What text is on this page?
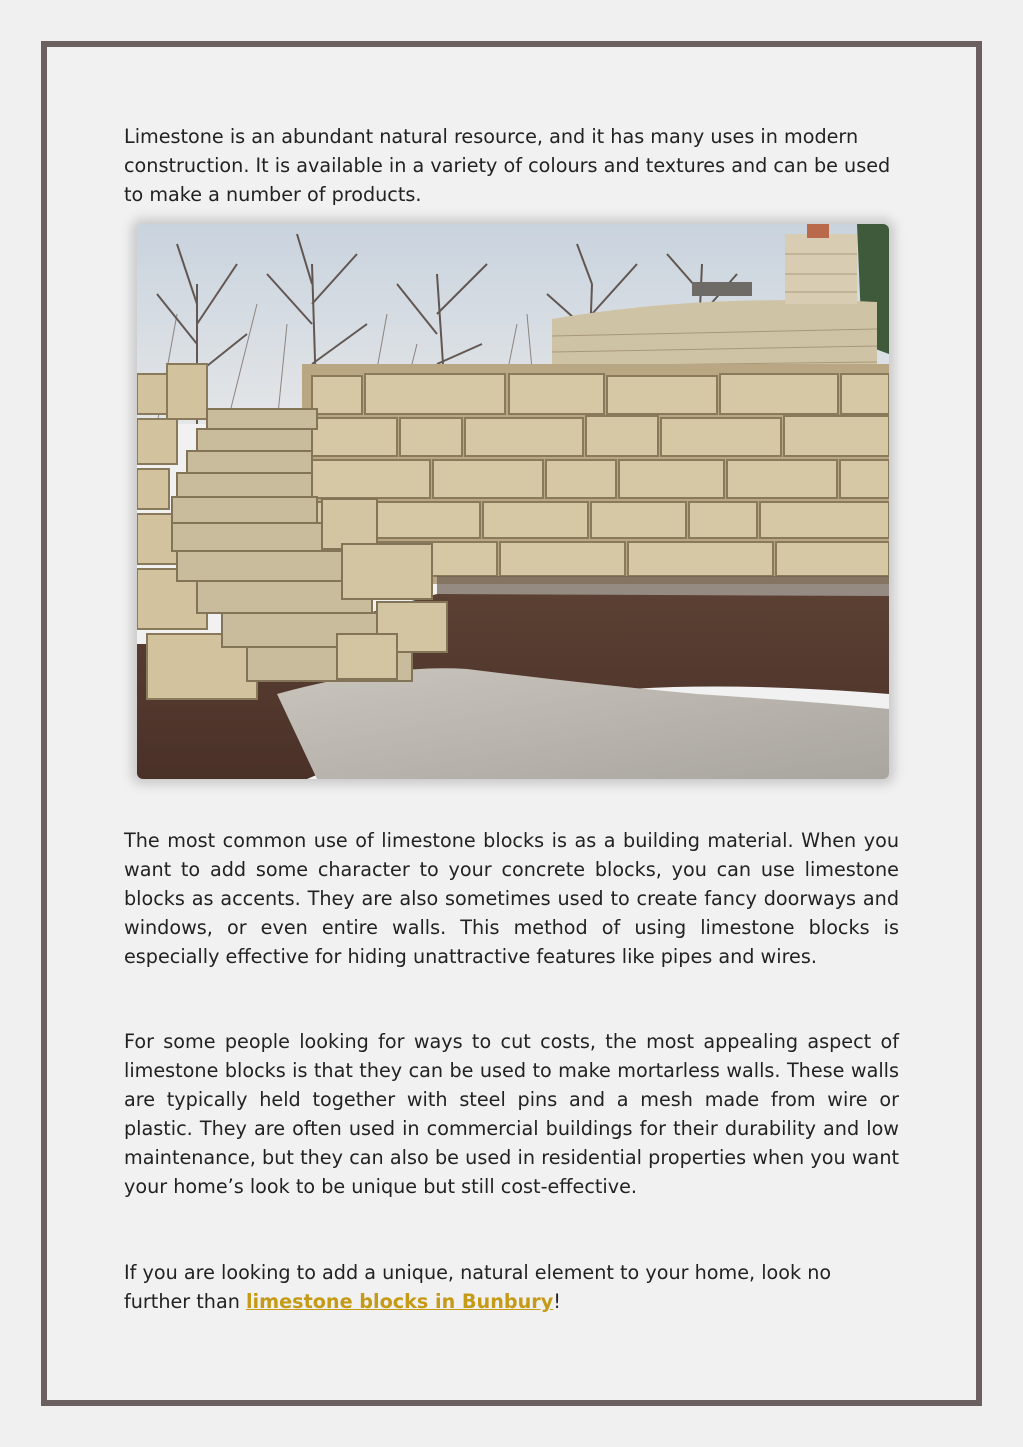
Limestone is an abundant natural resource, and it has many uses in modern construction. It is available in a variety of colours and textures and can be used to make a number of products.

The most common use of limestone blocks is as a building material. When you want to add some character to your concrete blocks, you can use limestone blocks as accents. They are also sometimes used to create fancy doorways and windows, or even entire walls. This method of using limestone blocks is especially effective for hiding unattractive features like pipes and wires.

For some people looking for ways to cut costs, the most appealing aspect of limestone blocks is that they can be used to make mortarless walls. These walls are typically held together with steel pins and a mesh made from wire or plastic. They are often used in commercial buildings for their durability and low maintenance, but they can also be used in residential properties when you want your home’s look to be unique but still cost-effective.

If you are looking to add a unique, natural element to your home, look no further than limestone blocks in Bunbury!
